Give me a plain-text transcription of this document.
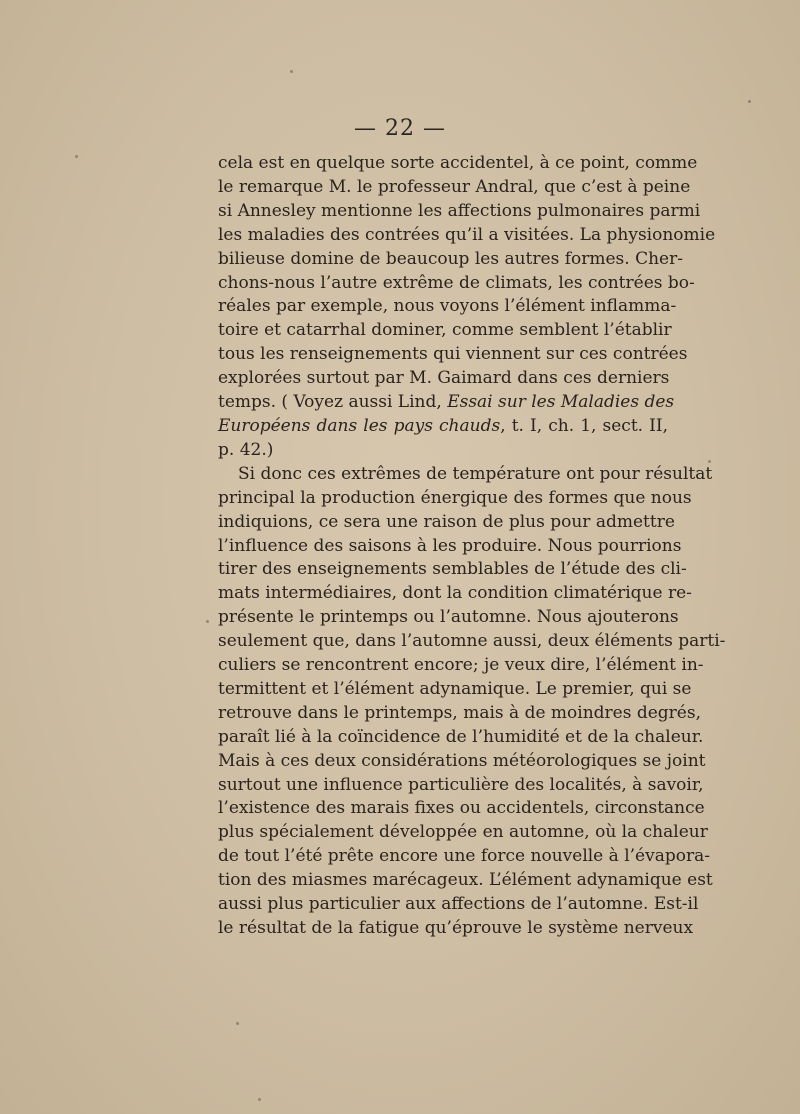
— 22 —
cela est en quelque sorte accidentel, à ce point, comme
le remarque M. le professeur Andral, que c’est à peine
si Annesley mentionne les affections pulmonaires parmi
les maladies des contrées qu’il a visitées. La physionomie
bilieuse domine de beaucoup les autres formes. Cher-
chons-nous l’autre extrême de climats, les contrées bo-
réales par exemple, nous voyons l’élément inflamma-
toire et catarrhal dominer, comme semblent l’établir
tous les renseignements qui viennent sur ces contrées
explorées surtout par M. Gaimard dans ces derniers
temps. ( Voyez aussi Lind, Essai sur les Maladies des
Européens dans les pays chauds, t. I, ch. 1, sect. II,
p. 42.)
Si donc ces extrêmes de température ont pour résultat
principal la production énergique des formes que nous
indiquions, ce sera une raison de plus pour admettre
l’influence des saisons à les produire. Nous pourrions
tirer des enseignements semblables de l’étude des cli-
mats intermédiaires, dont la condition climatérique re-
présente le printemps ou l’automne. Nous ajouterons
seulement que, dans l’automne aussi, deux éléments parti-
culiers se rencontrent encore; je veux dire, l’élément in-
termittent et l’élément adynamique. Le premier, qui se
retrouve dans le printemps, mais à de moindres degrés,
paraît lié à la coïncidence de l’humidité et de la chaleur.
Mais à ces deux considérations météorologiques se joint
surtout une influence particulière des localités, à savoir,
l’existence des marais fixes ou accidentels, circonstance
plus spécialement développée en automne, où la chaleur
de tout l’été prête encore une force nouvelle à l’évapora-
tion des miasmes marécageux. L’élément adynamique est
aussi plus particulier aux affections de l’automne. Est-il
le résultat de la fatigue qu’éprouve le système nerveux
